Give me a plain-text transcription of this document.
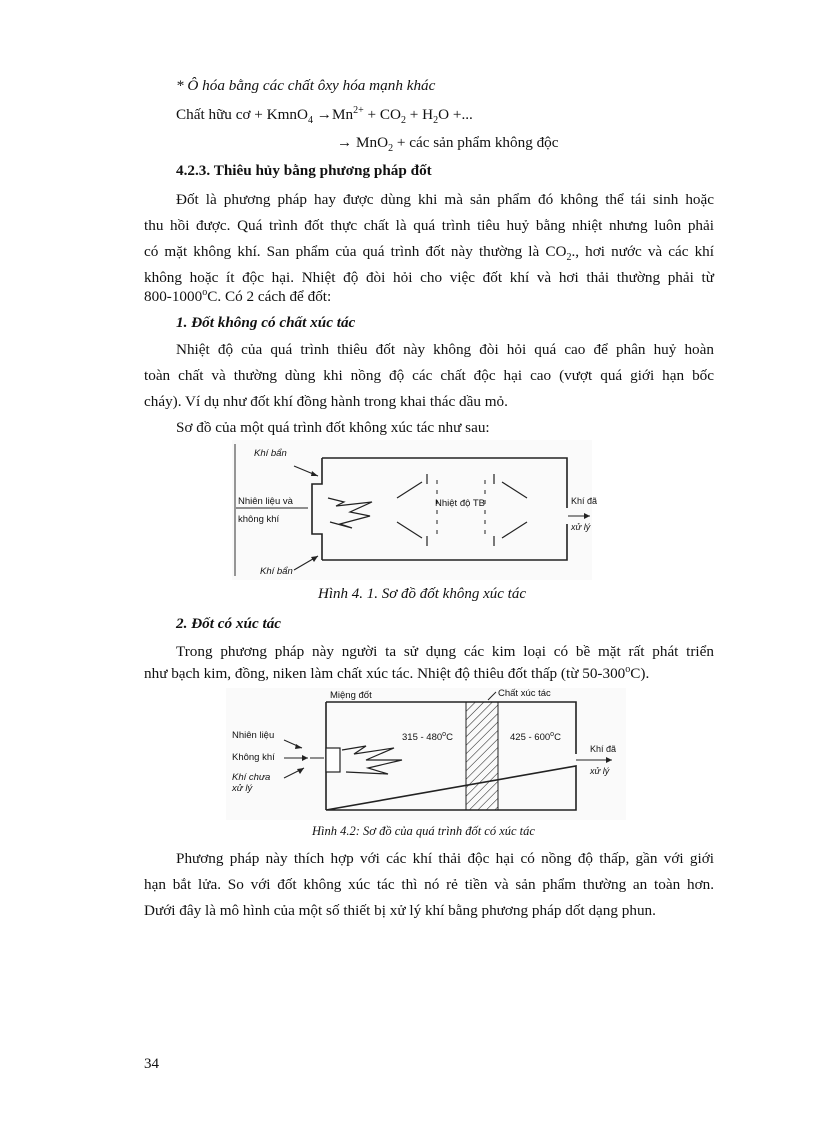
* Ô hóa bằng các chất ôxy hóa mạnh khác
Chất hữu cơ + KmnO$_4$ $\to Mn^{2+} + CO_2 + H_2O$ +...
→ MnO$_2$ + các sản phẩm không độc
4.2.3. Thiêu hủy bằng phương pháp đốt
Đốt là phương pháp hay được dùng khi mà sản phẩm đó không thể tái sinh hoặc
thu hồi được. Quá trình đốt thực chất là quá trình tiêu huỷ bằng nhiệt nhưng luôn phải
có mặt không khí. San phẩm của quá trình đốt này thường là $CO_2$., hơi nước và các khí
không hoặc ít độc hại. Nhiệt độ đòi hỏi cho việc đốt khí và hơi thải thường phải từ
800-1000$^o$C. Có 2 cách để đốt:
1. Đốt không có chất xúc tác
Nhiệt độ của quá trình thiêu đốt này không đòi hỏi quá cao để phân huỷ hoàn
toàn chất và thường dùng khi nồng độ các chất độc hại cao (vượt quá giới hạn bốc
cháy). Ví dụ như đốt khí đồng hành trong khai thác dầu mỏ.
Sơ đồ của một quá trình đốt không xúc tác như sau:
Khí bẩn
Nhiên liệu và
không khí
Nhiệt độ TB	Khí đã
xử lý
Khí bẩn
Hình 4. 1. Sơ đồ đốt không xúc tác
2. Đốt có xúc tác
Trong phương pháp này người ta sử dụng các kim loại có bề mặt rất phát triển
như bạch kim, đồng, niken làm chất xúc tác. Nhiệt độ thiêu đốt thấp (từ 50-300$^o$C).
Miệng đốt	Chất xúc tác
Nhiên liệu
Không khí
Khí chưa
xử lý
315 - 480$^o$C	425 - 600$^o$C
Khí đã
xử lý
Hình 4.2: Sơ đồ của quá trình đốt có xúc tác
Phương pháp này thích hợp với các khí thải độc hại có nồng độ thấp, gần với giới
hạn bắt lửa. So với đốt không xúc tác thì nó rẻ tiền và sản phẩm thường an toàn hơn.
Dưới đây là mô hình của một số thiết bị xử lý khí bằng phương pháp dốt dạng phun.
34
